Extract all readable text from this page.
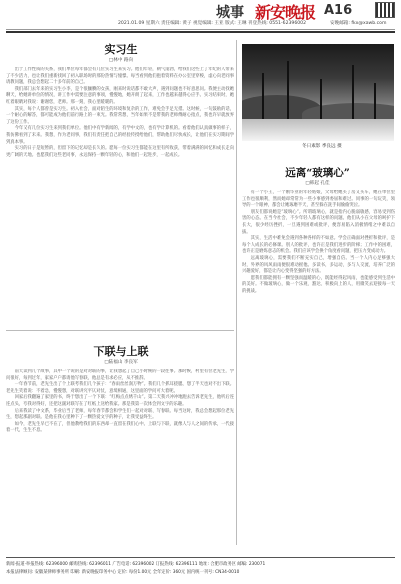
城事 新安晚报 A16
2021.01.09 星期六 责任编辑: 黄子 视觉编辑: 王亚 版式: 王琳 刊登热线: 0551-62396002	安晚邮箱: fkx@xawb.com
实习生
□林中 路向

出于工作性质的关系，我们单位每年都会有几位实习生来实习。他们年轻，朝气蓬勃，给我们这些上了年纪的人带来了不少活力，也让我们重新找回了初入职场时的那份热情与憧憬。每当看到他们抱着资料在办公室里穿梭，虚心向老同事请教问题，我总会想起二十多年前的自己。

我们部门去年来的实习生小李，是个很腼腆的女孩，刚来时说话都不敢大声，遇到问题也不好意思问。我便主动找她聊天，给她讲单位的情况，讲工作中需要注意的事项，慢慢地，她开朗了起来，工作也越来越得心应手。实习结束时，她红着眼睛对我说：谢谢您，老师。那一刻，我心里暖暖的。

其实，每个人都曾是实习生。初入社会，面对陌生的环境和复杂的工作，难免会手足无措。这时候，一句鼓励的话，一个耐心的解答，都可能成为他们前行路上的一束光。我常常想，当年如果不是带我的老师傅耐心指点，我也许早就放弃了这份工作。

今年又有几位实习生来到我们单位。他们中有学新闻的，有学中文的，也有学计算机的。看着他们认真做事的样子，我仿佛看到了未来。我想，作为老同事，我们有责任把自己的经验传授给他们，帮助他们尽快成长，让他们在实习期间学到真本事。

实习的日子是短暂的，但留下的记忆却是长久的。愿每一位实习生都能在这里有所收获，带着满满的回忆和成长走向更广阔的天地。也愿我们这些老同事，永远保持一颗年轻的心，和他们一起进步，一起成长。

下联与上联
□陆福山 李良军

前天读到几个故事，其中一个说的是对对联的事，让我想起了自己小时候的一段往事。那时候，村里有位老先生，学问很好，每到过年，家家户户都请他写春联，他总是有求必应，从不推辞。

一年春节前，老先生出了个上联考我们几个孩子：“春雨丝丝润万物”。我们几个抓耳挠腮，想了半天也对不出下联。老先生笑着说：不着急，慢慢想，对联讲究平仄对仗，意境相通，这里面的学问可大着呢。

回家后我翻遍了家里的书，终于想出了一个下联：“红梅点点绣千山”。第二天我兴冲冲地跑去告诉老先生，他听后连连点头，夸我对得好，还把这副对联写在了红纸上送给我家。那是我第一次体会到文字的乐趣。

后来我读了中文系，毕业后当了老师，每年春节都会和学生们一起对对联、写春联。每当这时，我总会想起那位老先生，想起那副对联。是他在我心里种下了一颗热爱文字的种子，让我受益终生。

如今，老先生早已不在了，但他教给我们的东西却一直留在我们心中。上联与下联，就像人与人之间的传承，一代接着一代，生生不息。

冬日素影 季良远 摄
远离“玻璃心”
□韩起 孔佳

有一个小王，一个刚毕业的年轻姑娘，父母给她买了房又买车，她在单位里工作也很顺利，然而她却常常为一些小事感到委屈和难过。同事的一句玩笑，领导的一个眼神，都会让她琢磨半天，甚至躲在洗手间偷偷哭泣。

朋友们都说她是“玻璃心”。所谓玻璃心，就是指内心脆弱敏感，容易受到伤害的心态。在当今社会，不少年轻人都有这样的问题。他们从小在父母的呵护下长大，很少经历挫折，一旦遇到困难或批评，便容易陷入消极情绪之中难以自拔。

其实，生活中难免会遇到各种各样的不如意。学会正确面对挫折和批评，是每个人成长的必修课。别人的批评，也许正是我们进步的阶梯；工作中的困难，也许正是磨炼意志的机会。我们应该学会换个角度看问题，把压力变成动力。

远离玻璃心，需要我们不断充实自己，增强自信。当一个人内心足够强大时，外界的风风雨雨便很难动摇他。多读书，多运动，多与人交流，培养广泛的兴趣爱好，都是让内心变得坚强的好方法。

愿我们都能拥有一颗坚强而温暖的心，既能经得起风雨，也能感受到生活中的美好。不做玻璃心，做一个乐观、豁达、积极向上的人，用微笑去迎接每一天的挑战。

新闻·报道·举报热线: 62396000 邮购热线: 62396011 广告电话: 62396002 订报热线: 62396111 地址: 合肥市政务区 邮编: 230071
本报法律顾问: 安徽某律师事务所 印刷: 新安晚报印务中心 定价: 每份1.00元 全年定价: 360元 国内统一刊号: CN34-0010
